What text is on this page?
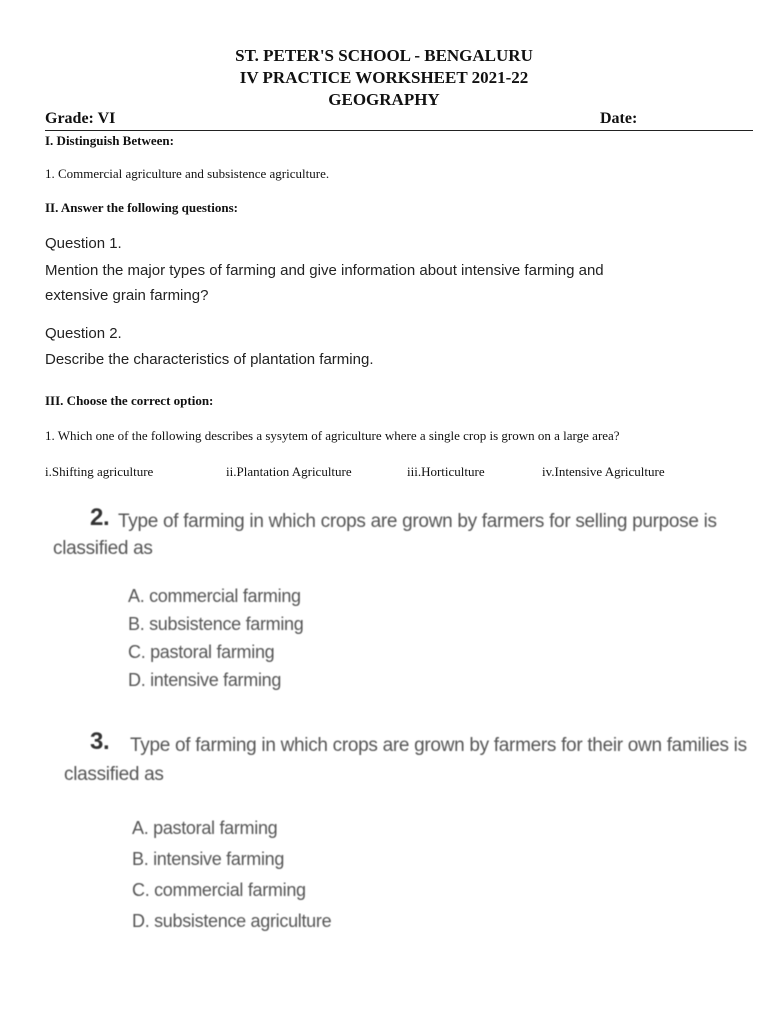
ST. PETER'S SCHOOL - BENGALURU
IV PRACTICE WORKSHEET 2021-22
GEOGRAPHY
Grade: VI	Date:
I. Distinguish Between:
1. Commercial agriculture and subsistence agriculture.
II. Answer the following questions:
Question 1.
Mention the major types of farming and give information about intensive farming and
extensive grain farming?
Question 2.
Describe the characteristics of plantation farming.
III. Choose the correct option:
1. Which one of the following describes a sysytem of agriculture where a single crop is grown on a large area?
i.Shifting agriculture	ii.Plantation Agriculture	iii.Horticulture	iv.Intensive Agriculture
2. Type of farming in which crops are grown by farmers for selling purpose is
classified as
A. commercial farming
B. subsistence farming
C. pastoral farming
D. intensive farming
3. Type of farming in which crops are grown by farmers for their own families is
classified as
A. pastoral farming
B. intensive farming
C. commercial farming
D. subsistence agriculture
